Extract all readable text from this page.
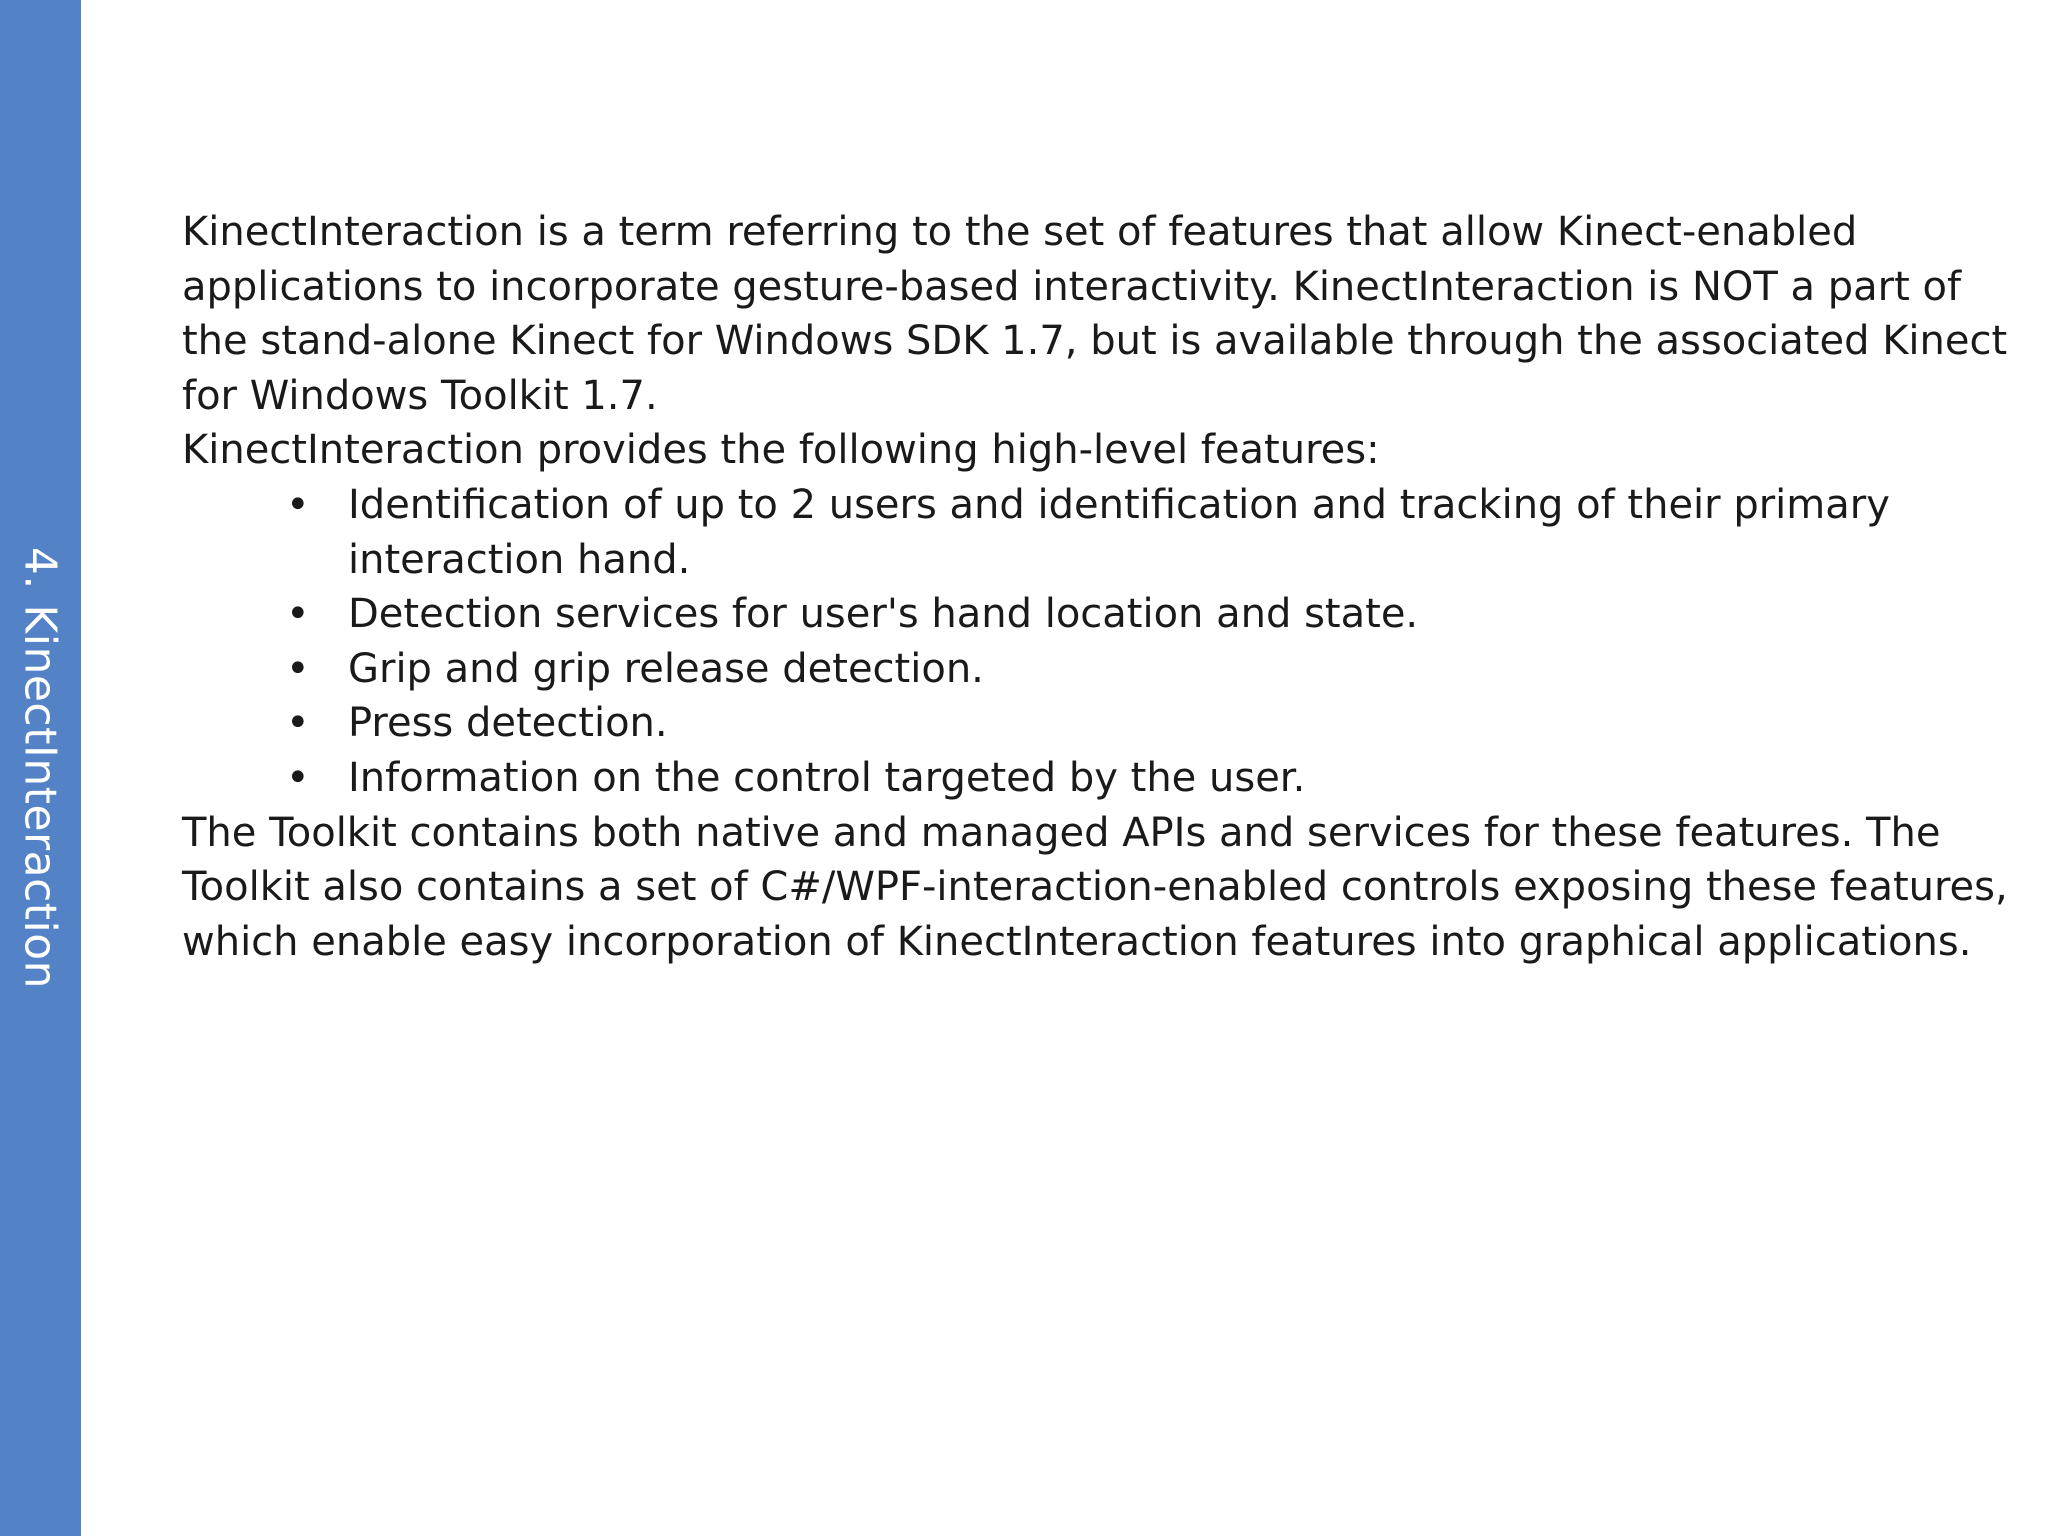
4. KinectInteraction

KinectInteraction is a term referring to the set of features that allow Kinect-enabled applications to incorporate gesture-based interactivity. KinectInteraction is NOT a part of the stand-alone Kinect for Windows SDK 1.7, but is available through the associated Kinect for Windows Toolkit 1.7.

KinectInteraction provides the following high-level features:

• Identification of up to 2 users and identification and tracking of their primary interaction hand.
• Detection services for user's hand location and state.
• Grip and grip release detection.
• Press detection.
• Information on the control targeted by the user.

The Toolkit contains both native and managed APIs and services for these features. The Toolkit also contains a set of C#/WPF-interaction-enabled controls exposing these features, which enable easy incorporation of KinectInteraction features into graphical applications.
